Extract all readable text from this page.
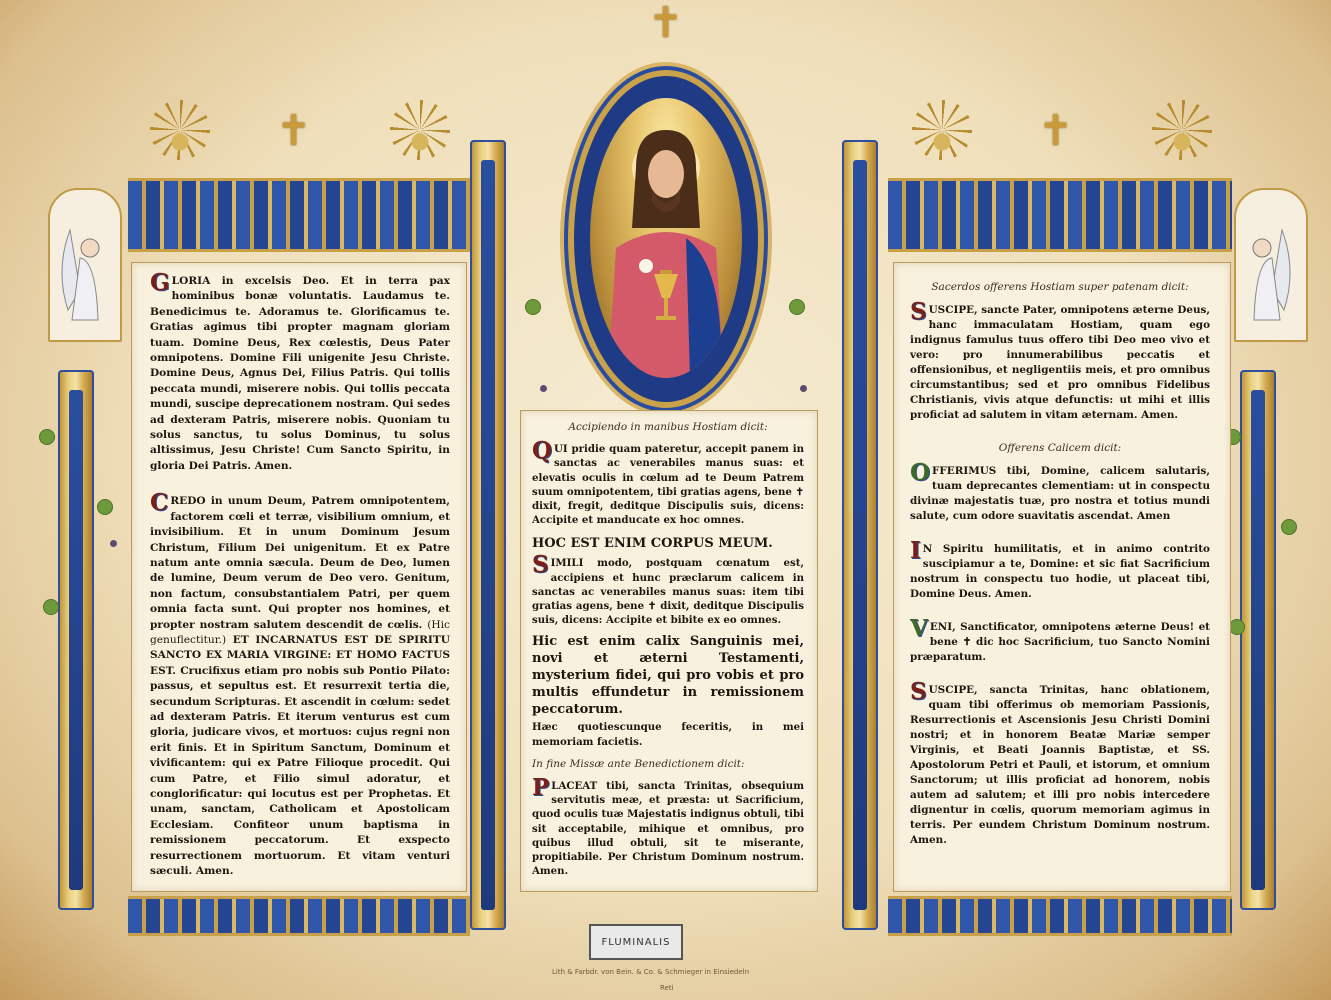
✝
✝
✝

GLORIA in excelsis Deo. Et in terra pax hominibus bonæ voluntatis. Laudamus te. Benedicimus te. Adoramus te. Glorificamus te. Gratias agimus tibi propter magnam gloriam tuam. Domine Deus, Rex cœlestis, Deus Pater omnipotens. Domine Fili unigenite Jesu Christe. Domine Deus, Agnus Dei, Filius Patris. Qui tollis peccata mundi, miserere nobis. Qui tollis peccata mundi, suscipe deprecationem nostram. Qui sedes ad dexteram Patris, miserere nobis. Quoniam tu solus sanctus, tu solus Dominus, tu solus altissimus, Jesu Christe! Cum Sancto Spiritu, in gloria Dei Patris. Amen.

CREDO in unum Deum, Patrem omnipotentem, factorem cœli et terræ, visibilium omnium, et invisibilium. Et in unum Dominum Jesum Christum, Filium Dei unigenitum. Et ex Patre natum ante omnia sæcula. Deum de Deo, lumen de lumine, Deum verum de Deo vero. Genitum, non factum, consubstantialem Patri, per quem omnia facta sunt. Qui propter nos homines, et propter nostram salutem descendit de cœlis. (Hic genuflectitur.) ET INCARNATUS EST DE SPIRITU SANCTO EX MARIA VIRGINE: ET HOMO FACTUS EST. Crucifixus etiam pro nobis sub Pontio Pilato: passus, et sepultus est. Et resurrexit tertia die, secundum Scripturas. Et ascendit in cœlum: sedet ad dexteram Patris. Et iterum venturus est cum gloria, judicare vivos, et mortuos: cujus regni non erit finis. Et in Spiritum Sanctum, Dominum et vivificantem: qui ex Patre Filioque procedit. Qui cum Patre, et Filio simul adoratur, et conglorificatur: qui locutus est per Prophetas. Et unam, sanctam, Catholicam et Apostolicam Ecclesiam. Confiteor unum baptisma in remissionem peccatorum. Et exspecto resurrectionem mortuorum. Et vitam venturi sæculi. Amen.

Accipiendo in manibus Hostiam dicit:

QUI pridie quam pateretur, accepit panem in sanctas ac venerabiles manus suas: et elevatis oculis in cœlum ad te Deum Patrem suum omnipotentem, tibi gratias agens, bene ✝ dixit, fregit, deditque Discipulis suis, dicens: Accipite et manducate ex hoc omnes.

HOC EST ENIM CORPUS MEUM.

SIMILI modo, postquam cœnatum est, accipiens et hunc præclarum calicem in sanctas ac venerabiles manus suas: item tibi gratias agens, bene ✝ dixit, deditque Discipulis suis, dicens: Accipite et bibite ex eo omnes.

Hic est enim calix Sanguinis mei, novi et æterni Testamenti, mysterium fidei, qui pro vobis et pro multis effundetur in remissionem peccatorum.

Hæc quotiescunque feceritis, in mei memoriam facietis.

In fine Missæ ante Benedictionem dicit:

PLACEAT tibi, sancta Trinitas, obsequium servitutis meæ, et præsta: ut Sacrificium, quod oculis tuæ Majestatis indignus obtuli, tibi sit acceptabile, mihique et omnibus, pro quibus illud obtuli, sit te miserante, propitiabile. Per Christum Dominum nostrum. Amen.

Sacerdos offerens Hostiam super patenam dicit:

SUSCIPE, sancte Pater, omnipotens æterne Deus, hanc immaculatam Hostiam, quam ego indignus famulus tuus offero tibi Deo meo vivo et vero: pro innumerabilibus peccatis et offensionibus, et negligentiis meis, et pro omnibus circumstantibus; sed et pro omnibus Fidelibus Christianis, vivis atque defunctis: ut mihi et illis proficiat ad salutem in vitam æternam. Amen.

Offerens Calicem dicit:

OFFERIMUS tibi, Domine, calicem salutaris, tuam deprecantes clementiam: ut in conspectu divinæ majestatis tuæ, pro nostra et totius mundi salute, cum odore suavitatis ascendat. Amen

I N Spiritu humilitatis, et in animo contrito suscipiamur a te, Domine: et sic fiat Sacrificium nostrum in conspectu tuo hodie, ut placeat tibi, Domine Deus. Amen.

VENI, Sanctificator, omnipotens æterne Deus! et bene ✝ dic hoc Sacrificium, tuo Sancto Nomini præparatum.

SUSCIPE, sancta Trinitas, hanc oblationem, quam tibi offerimus ob memoriam Passionis, Resurrectionis et Ascensionis Jesu Christi Domini nostri; et in honorem Beatæ Mariæ semper Virginis, et Beati Joannis Baptistæ, et SS. Apostolorum Petri et Pauli, et istorum, et omnium Sanctorum; ut illis proficiat ad honorem, nobis autem ad salutem; et illi pro nobis intercedere dignentur in cœlis, quorum memoriam agimus in terris. Per eundem Christum Dominum nostrum. Amen.

FLUMINALIS
Lith & Farbdr. von Bein. & Co. & Schmieger in Einsiedeln
Reti
